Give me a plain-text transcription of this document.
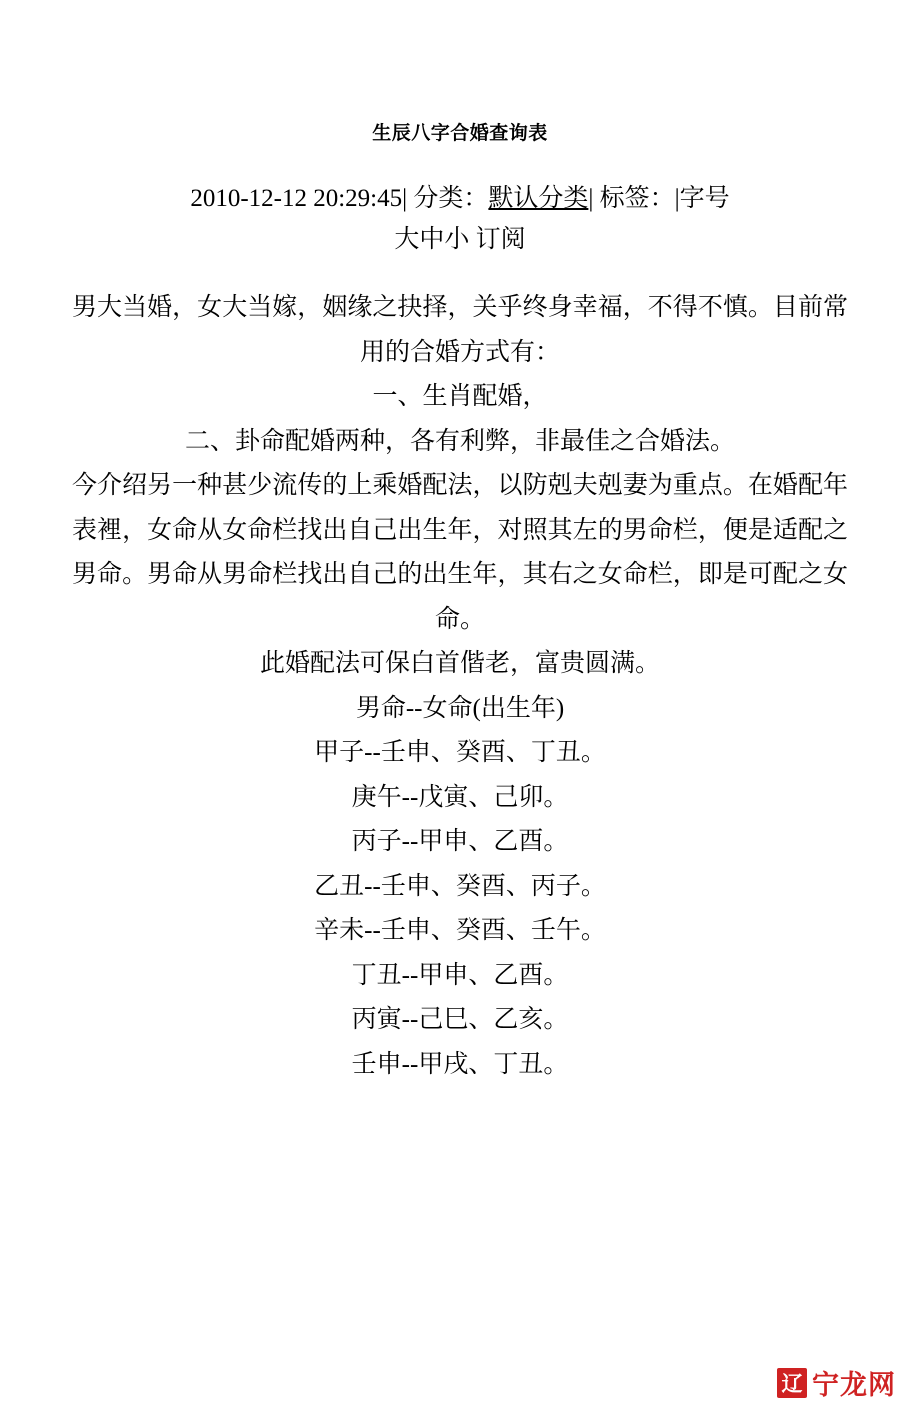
生辰八字合婚查询表
2010-12-12 20:29:45| 分类：默认分类| 标签：|字号
大中小 订阅

男大当婚，女大当嫁，姻缘之抉择，关乎终身幸福，不得不慎。目前常用的合婚方式有：

一、生肖配婚，

二、卦命配婚两种，各有利弊，非最佳之合婚法。

今介绍另一种甚少流传的上乘婚配法，以防剋夫剋妻为重点。在婚配年表裡，女命从女命栏找出自己出生年，对照其左的男命栏，便是适配之男命。男命从男命栏找出自己的出生年，其右之女命栏，即是可配之女命。

此婚配法可保白首偕老，富贵圆满。

男命--女命(出生年)

甲子--壬申、癸酉、丁丑。

庚午--戊寅、己卯。

丙子--甲申、乙酉。

乙丑--壬申、癸酉、丙子。

辛未--壬申、癸酉、壬午。

丁丑--甲申、乙酉。

丙寅--己巳、乙亥。

壬申--甲戌、丁丑。

辽 宁龙网
